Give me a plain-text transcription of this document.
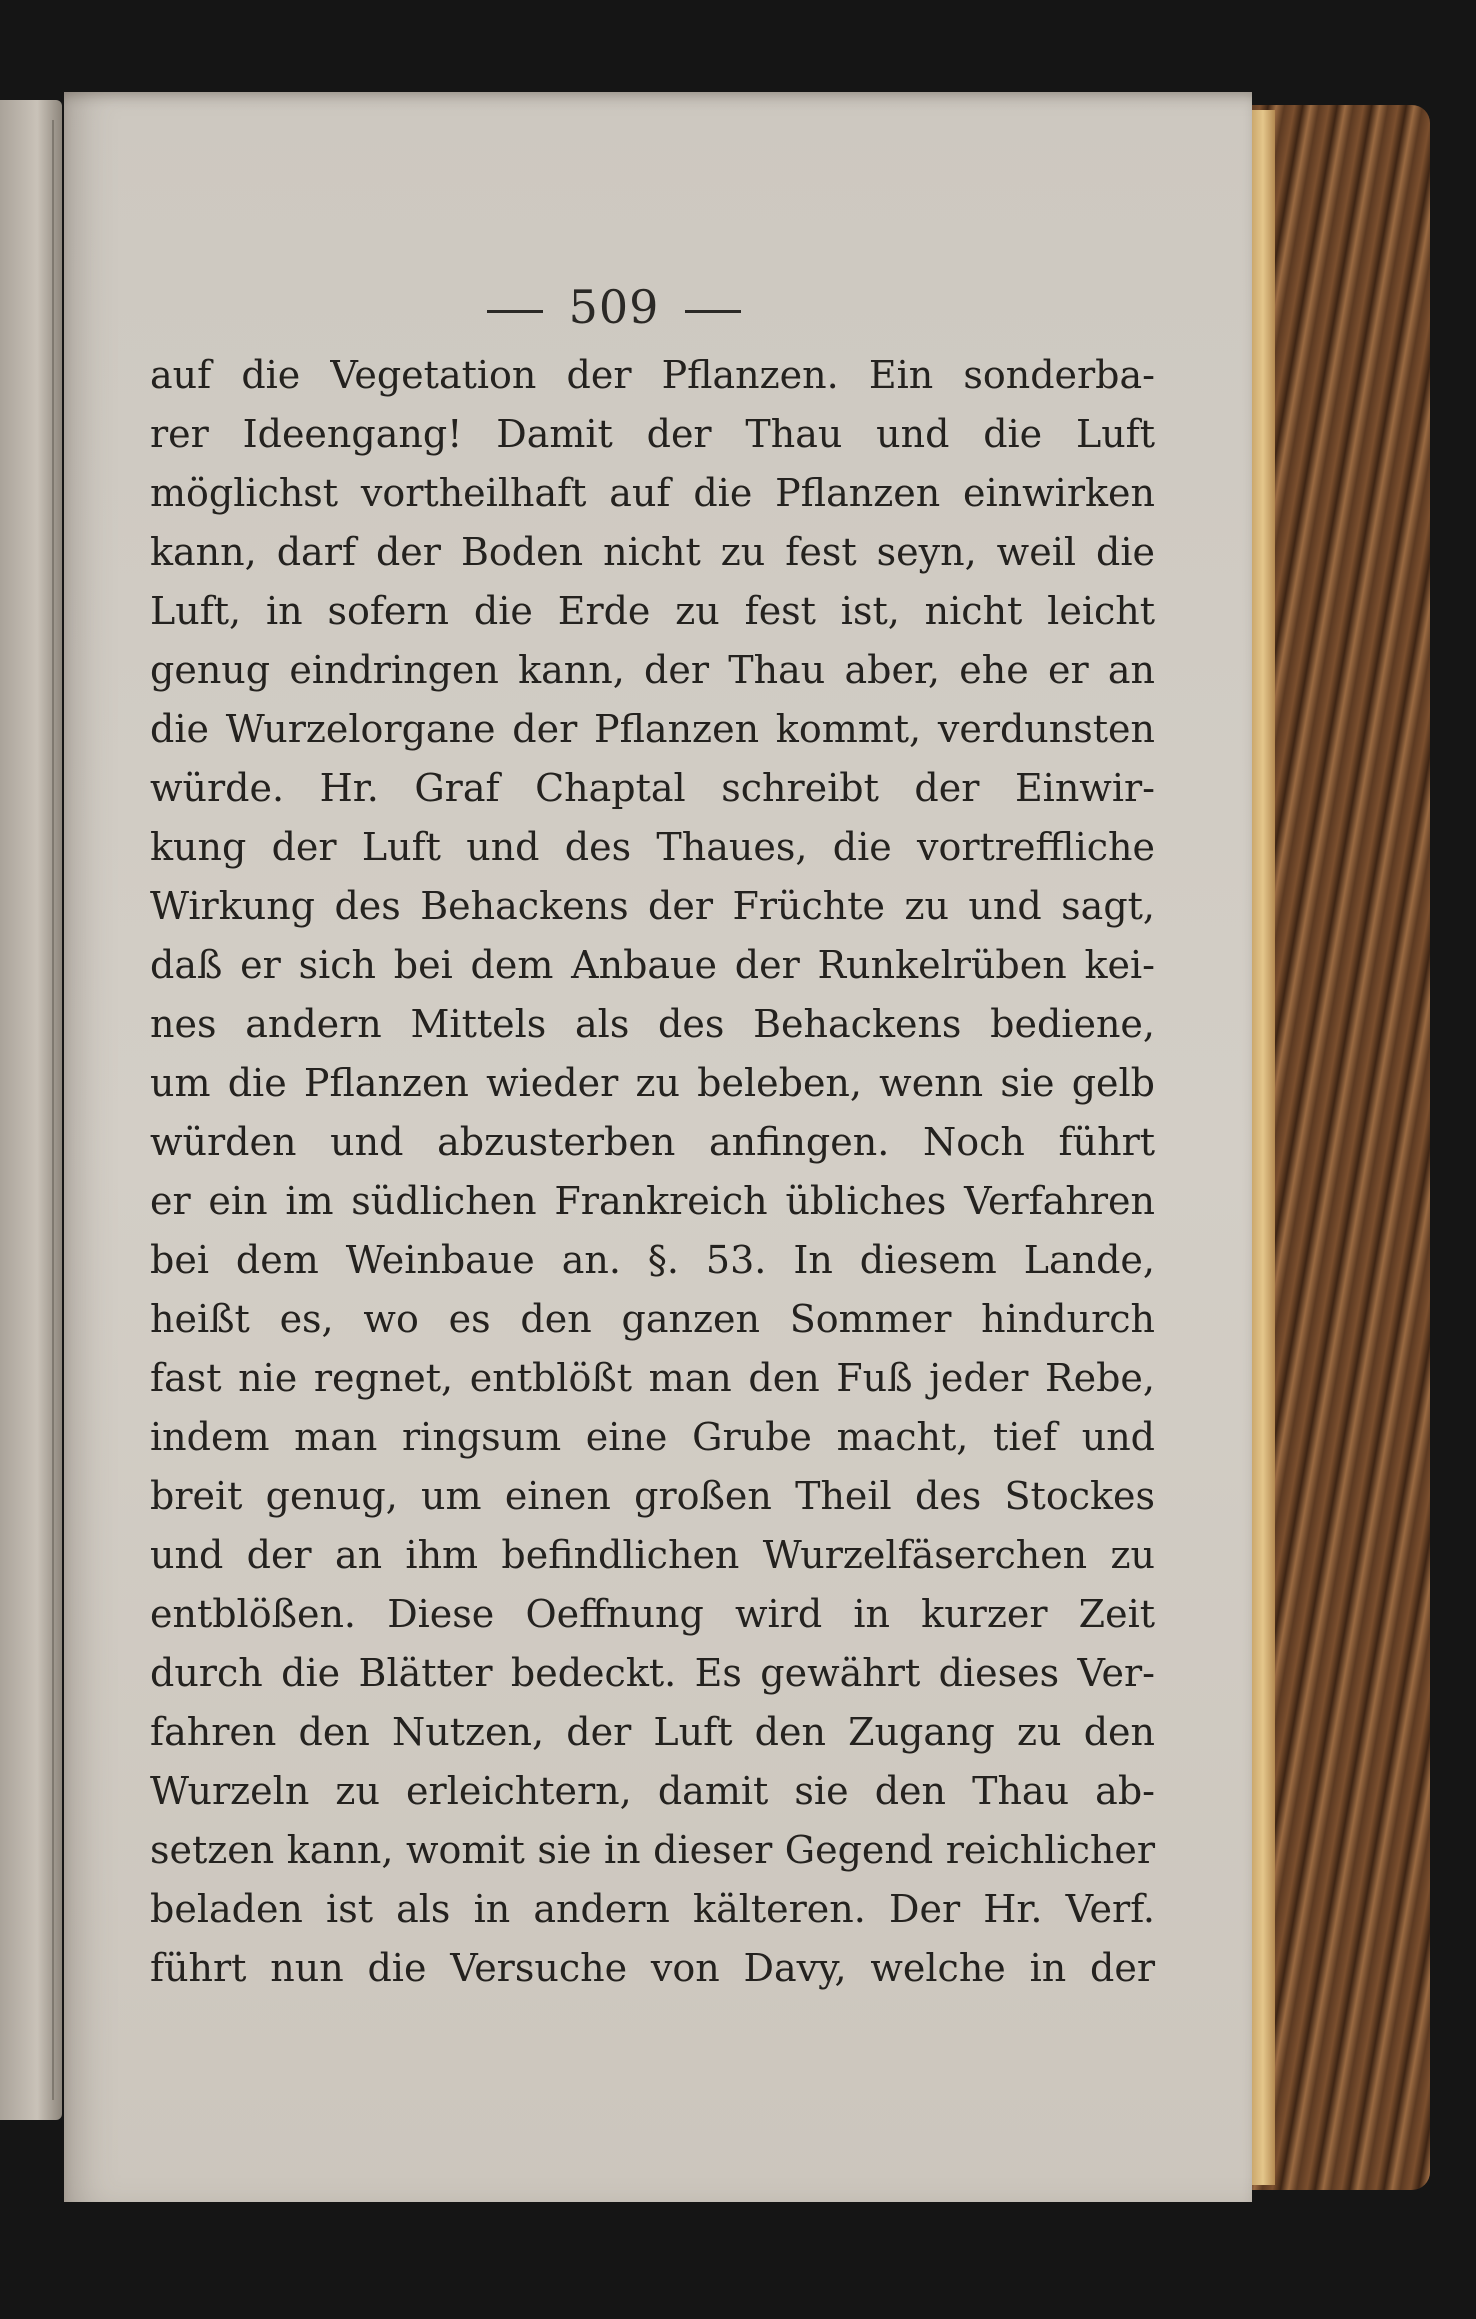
509
auf die Vegetation der Pflanzen. Ein sonderba-
rer Ideengang! Damit der Thau und die Luft
möglichst vortheilhaft auf die Pflanzen einwirken
kann, darf der Boden nicht zu fest seyn, weil die
Luft, in sofern die Erde zu fest ist, nicht leicht
genug eindringen kann, der Thau aber, ehe er an
die Wurzelorgane der Pflanzen kommt, verdunsten
würde. Hr. Graf Chaptal schreibt der Einwir-
kung der Luft und des Thaues, die vortreffliche
Wirkung des Behackens der Früchte zu und sagt,
daß er sich bei dem Anbaue der Runkelrüben kei-
nes andern Mittels als des Behackens bediene,
um die Pflanzen wieder zu beleben, wenn sie gelb
würden und abzusterben anfingen. Noch führt
er ein im südlichen Frankreich übliches Verfahren
bei dem Weinbaue an. §. 53. In diesem Lande,
heißt es, wo es den ganzen Sommer hindurch
fast nie regnet, entblößt man den Fuß jeder Rebe,
indem man ringsum eine Grube macht, tief und
breit genug, um einen großen Theil des Stockes
und der an ihm befindlichen Wurzelfäserchen zu
entblößen. Diese Oeffnung wird in kurzer Zeit
durch die Blätter bedeckt. Es gewährt dieses Ver-
fahren den Nutzen, der Luft den Zugang zu den
Wurzeln zu erleichtern, damit sie den Thau ab-
setzen kann, womit sie in dieser Gegend reichlicher
beladen ist als in andern kälteren. Der Hr. Verf.
führt nun die Versuche von Davy, welche in der
